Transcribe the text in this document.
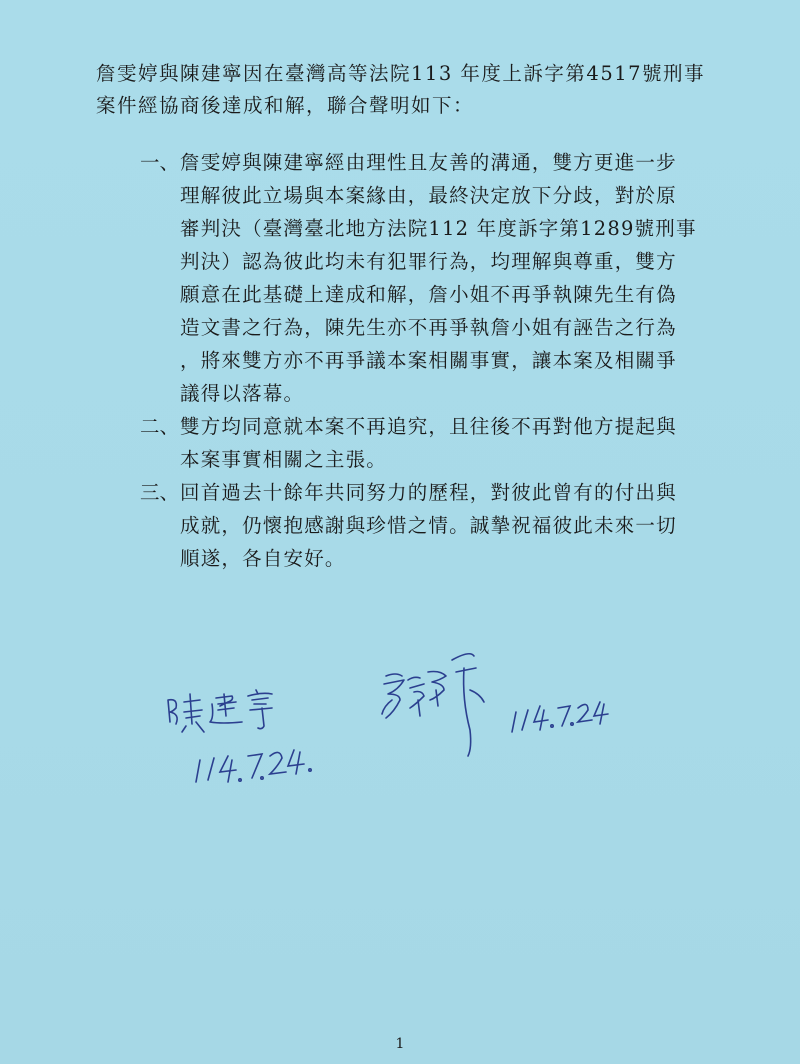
詹雯婷與陳建寧因在臺灣高等法院113 年度上訴字第4517號刑事
案件經協商後達成和解，聯合聲明如下：

一、 詹雯婷與陳建寧經由理性且友善的溝通，雙方更進一步
理解彼此立場與本案緣由，最終決定放下分歧，對於原
審判決（臺灣臺北地方法院112 年度訴字第1289號刑事
判決）認為彼此均未有犯罪行為，均理解與尊重，雙方
願意在此基礎上達成和解，詹小姐不再爭執陳先生有偽
造文書之行為，陳先生亦不再爭執詹小姐有誣告之行為
，將來雙方亦不再爭議本案相關事實，讓本案及相關爭
議得以落幕。
二、 雙方均同意就本案不再追究，且往後不再對他方提起與
本案事實相關之主張。
三、 回首過去十餘年共同努力的歷程，對彼此曾有的付出與
成就，仍懷抱感謝與珍惜之情。誠摯祝福彼此未來一切
順遂，各自安好。
1
